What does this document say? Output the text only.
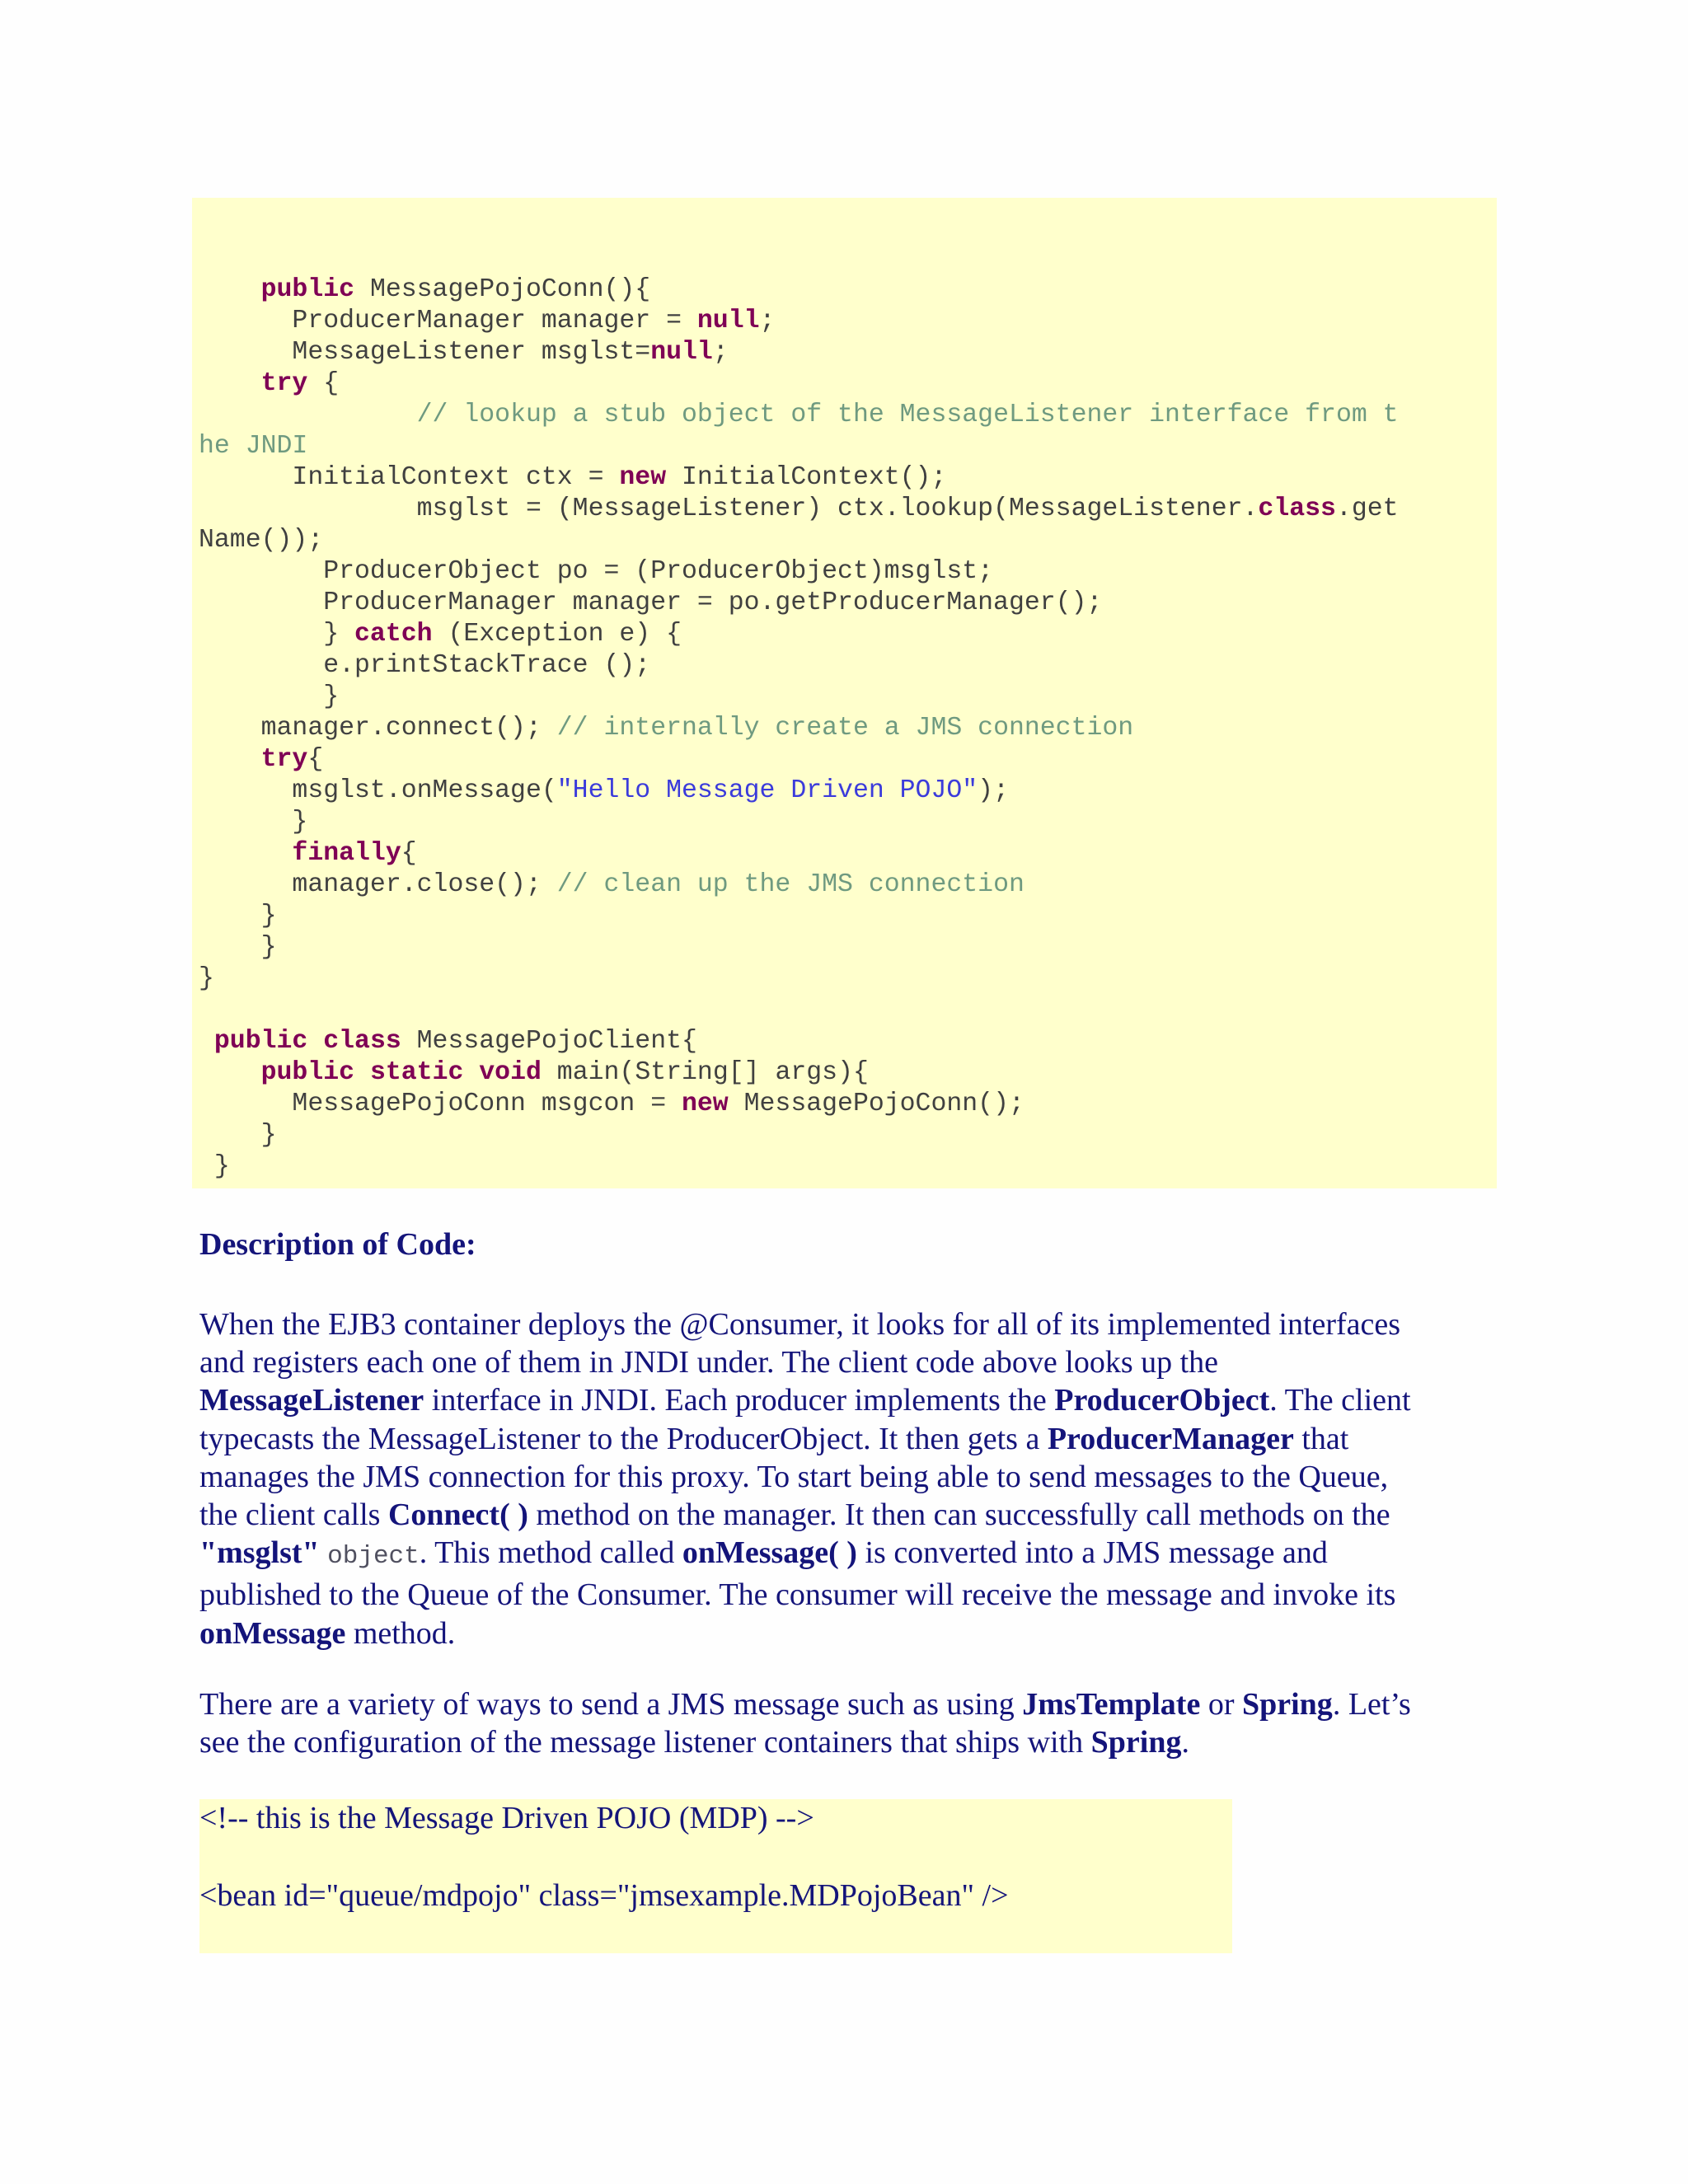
public MessagePojoConn(){
ProducerManager manager = null;
MessageListener msglst=null;
try {
// lookup a stub object of the MessageListener interface from t
he JNDI
InitialContext ctx = new InitialContext();
msglst = (MessageListener) ctx.lookup(MessageListener.class.get
Name());
ProducerObject po = (ProducerObject)msglst;
ProducerManager manager = po.getProducerManager();
} catch (Exception e) {
e.printStackTrace ();
}
manager.connect(); // internally create a JMS connection
try{
msglst.onMessage("Hello Message Driven POJO");
}
finally{
manager.close(); // clean up the JMS connection
}
}
}
public class MessagePojoClient{
public static void main(String[] args){
MessagePojoConn msgcon = new MessagePojoConn();
}
}
Description of Code:
When the EJB3 container deploys the @Consumer, it looks for all of its implemented interfaces
and registers each one of them in JNDI under. The client code above looks up the
MessageListener interface in JNDI. Each producer implements the ProducerObject. The client
typecasts the MessageListener to the ProducerObject. It then gets a ProducerManager that
manages the JMS connection for this proxy. To start being able to send messages to the Queue,
the client calls Connect( ) method on the manager. It then can successfully call methods on the
"msglst" object. This method called onMessage( ) is converted into a JMS message and
published to the Queue of the Consumer. The consumer will receive the message and invoke its
onMessage method.
There are a variety of ways to send a JMS message such as using JmsTemplate or Spring. Let’s
see the configuration of the message listener containers that ships with Spring.
<!-- this is the Message Driven POJO (MDP) -->
<bean id="queue/mdpojo" class="jmsexample.MDPojoBean" />
